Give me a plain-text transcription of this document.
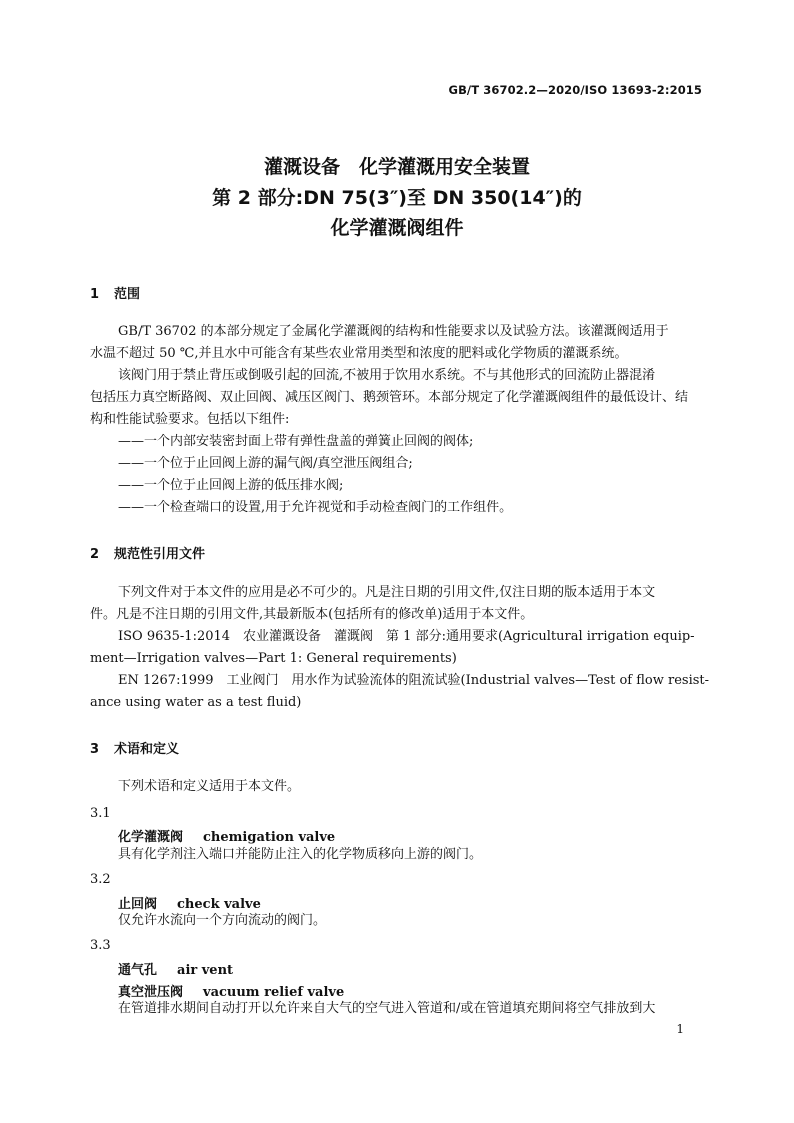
GB/T 36702.2—2020/ISO 13693-2:2015
灌溉设备　化学灌溉用安全装置
第 2 部分:DN 75(3″)至 DN 350(14″)的
化学灌溉阀组件
1 范围
GB/T 36702 的本部分规定了金属化学灌溉阀的结构和性能要求以及试验方法。该灌溉阀适用于
水温不超过 50 ℃,并且水中可能含有某些农业常用类型和浓度的肥料或化学物质的灌溉系统。
该阀门用于禁止背压或倒吸引起的回流,不被用于饮用水系统。不与其他形式的回流防止器混淆
包括压力真空断路阀、双止回阀、减压区阀门、鹅颈管环。本部分规定了化学灌溉阀组件的最低设计、结
构和性能试验要求。包括以下组件:
——一个内部安装密封面上带有弹性盘盖的弹簧止回阀的阀体;
——一个位于止回阀上游的漏气阀/真空泄压阀组合;
——一个位于止回阀上游的低压排水阀;
——一个检查端口的设置,用于允许视觉和手动检查阀门的工作组件。
2 规范性引用文件
下列文件对于本文件的应用是必不可少的。凡是注日期的引用文件,仅注日期的版本适用于本文
件。凡是不注日期的引用文件,其最新版本(包括所有的修改单)适用于本文件。
ISO 9635-1:2014　农业灌溉设备　灌溉阀　第 1 部分:通用要求(Agricultural irrigation equip-
ment—Irrigation valves—Part 1: General requirements)
EN 1267:1999　工业阀门　用水作为试验流体的阻流试验(Industrial valves—Test of flow resist-
ance using water as a test fluid)
3 术语和定义
下列术语和定义适用于本文件。
3.1
化学灌溉阀 chemigation valve
具有化学剂注入端口并能防止注入的化学物质移向上游的阀门。
3.2
止回阀 check valve
仅允许水流向一个方向流动的阀门。
3.3
通气孔 air vent
真空泄压阀 vacuum relief valve
在管道排水期间自动打开以允许来自大气的空气进入管道和/或在管道填充期间将空气排放到大
1
